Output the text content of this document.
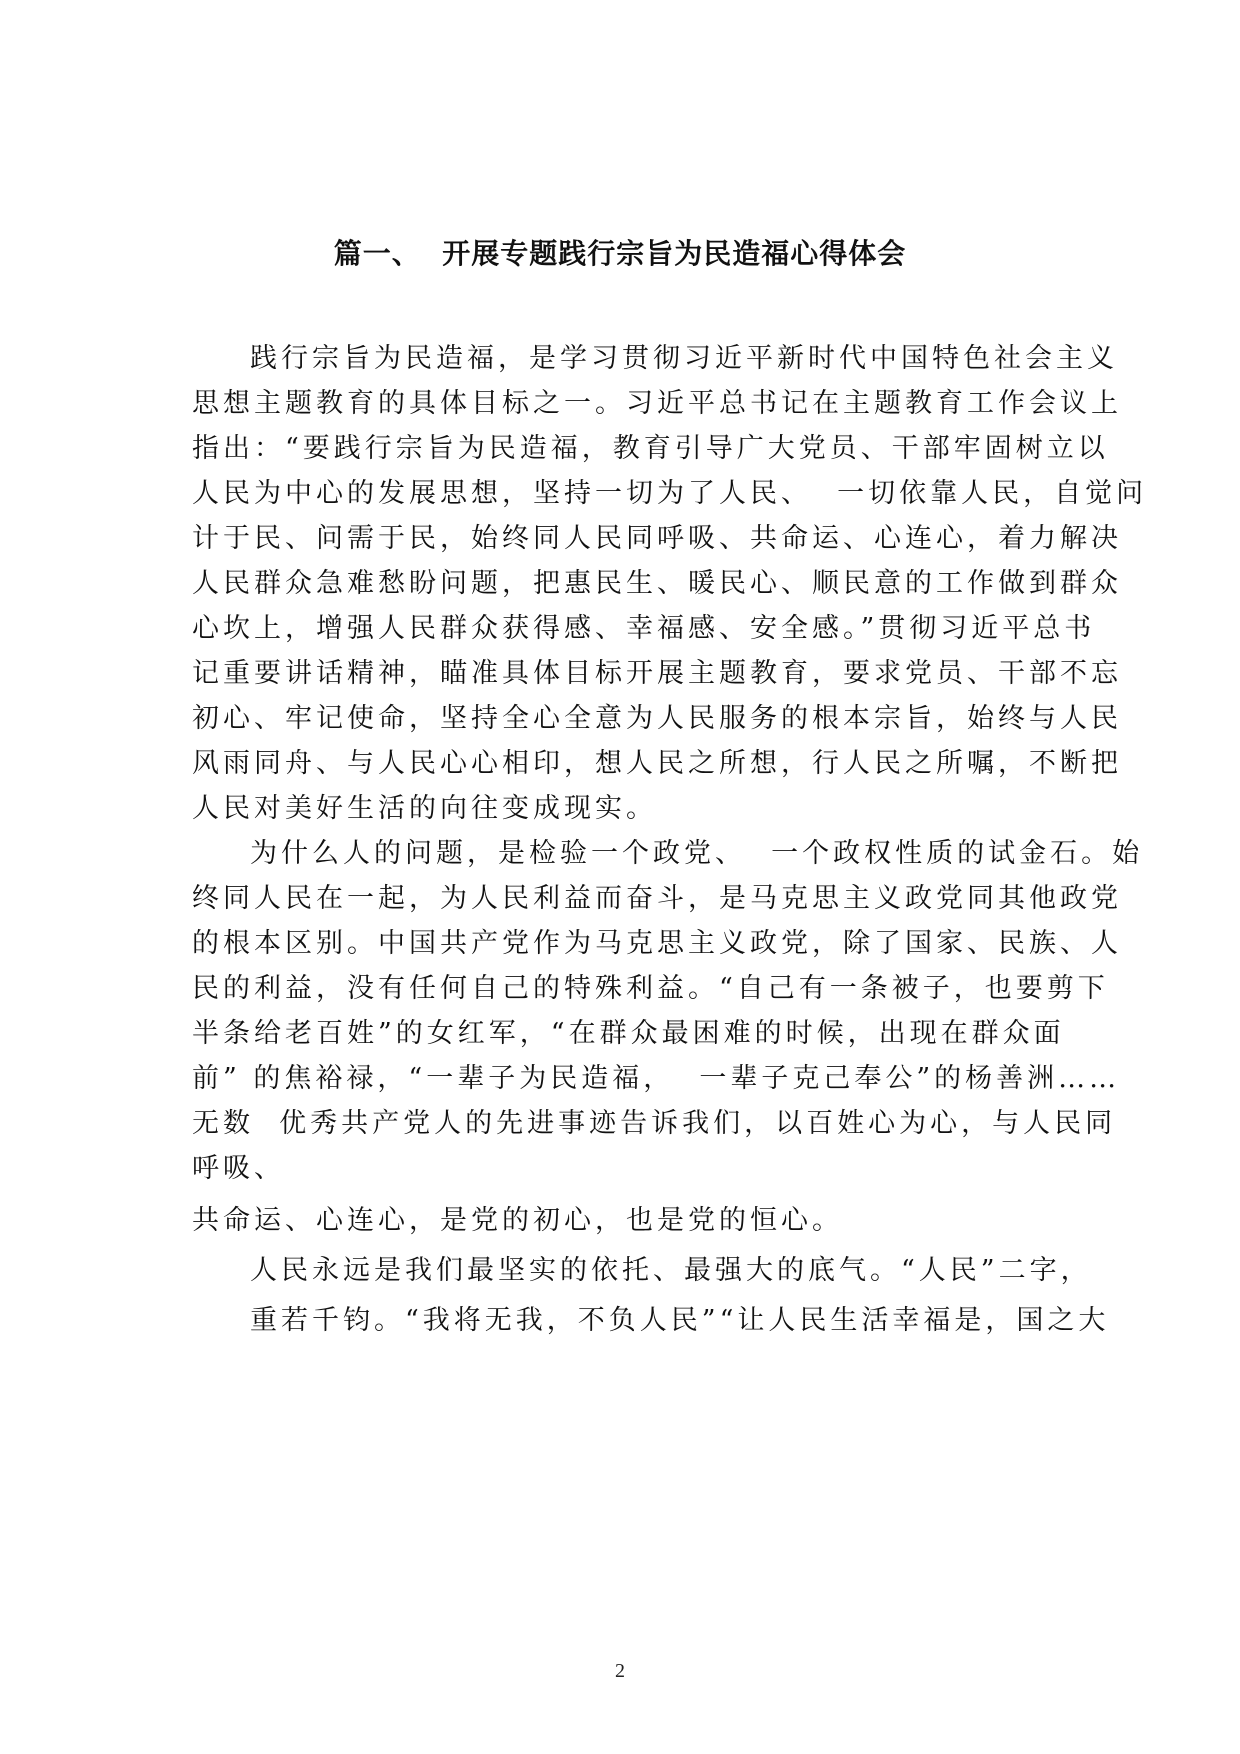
篇一、  开展专题践行宗旨为民造福心得体会
践行宗旨为民造福，是学习贯彻习近平新时代中国特色社会主义
思想主题教育的具体目标之一。习近平总书记在主题教育工作会议上
指出：“要践行宗旨为民造福，教育引导广大党员、干部牢固树立以
人民为中心的发展思想，坚持一切为了人民、  一切依靠人民，自觉问
计于民、问需于民，始终同人民同呼吸、共命运、心连心，着力解决
人民群众急难愁盼问题，把惠民生、暖民心、顺民意的工作做到群众
心坎上，增强人民群众获得感、幸福感、安全感。”贯彻习近平总书
记重要讲话精神，瞄准具体目标开展主题教育，要求党员、干部不忘
初心、牢记使命，坚持全心全意为人民服务的根本宗旨，始终与人民
风雨同舟、与人民心心相印，想人民之所想，行人民之所嘱，不断把
人民对美好生活的向往变成现实。
为什么人的问题，是检验一个政党、  一个政权性质的试金石。始
终同人民在一起，为人民利益而奋斗，是马克思主义政党同其他政党
的根本区别。中国共产党作为马克思主义政党，除了国家、民族、人
民的利益，没有任何自己的特殊利益。“自己有一条被子，也要剪下
半条给老百姓”的女红军，“在群众最困难的时候，出现在群众面
前” 的焦裕禄，“一辈子为民造福，  一辈子克己奉公”的杨善洲……
无数  优秀共产党人的先进事迹告诉我们，以百姓心为心，与人民同
呼吸、
共命运、心连心，是党的初心，也是党的恒心。
人民永远是我们最坚实的依托、最强大的底气。“人民”二字，
重若千钧。“我将无我，不负人民”“让人民生活幸福是，国之大
2
